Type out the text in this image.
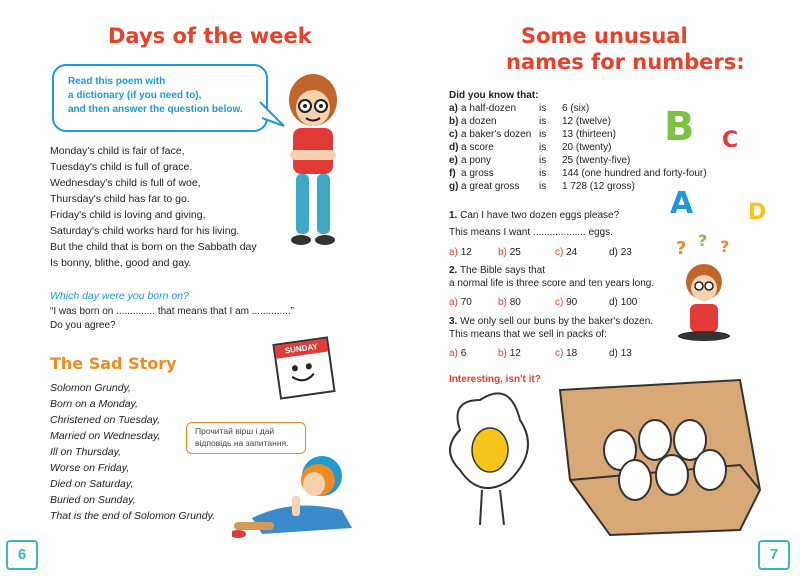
Days of the week
Read this poem with
a dictionary (if you need to),
and then answer the question below.
Monday's child is fair of face,
Tuesday's child is full of grace.
Wednesday's child is full of woe,
Thursday's child has far to go.
Friday's child is loving and giving,
Saturday's child works hard for his living.
But the child that is born on the Sabbath day
Is bonny, blithe, good and gay.
Which day were you born on?
“I was born on .............. that means that I am ..............”
Do you agree?
The Sad Story
Solomon Grundy,
Born on a Monday,
Christened on Tuesday,
Married on Wednesday,
Ill on Thursday,
Worse on Friday,
Died on Saturday,
Buried on Sunday,
That is the end of Solomon Grundy.
SUNDAY
Прочитай вірш і дай
відповідь на запитання.
6
Some unusual
names for numbers:
Did you know that:
a) a half-dozen is 6 (six)
b) a dozen	is 12 (twelve)
c) a baker's dozen is 13 (thirteen)
d) a score	is 20 (twenty)
e) a pony	is 25 (twenty-five)
f) a gross	is 144 (one hundred and forty-four)
g) a great gross is 1 728 (12 gross)
B C
A D
1. Can I have two dozen eggs please?
This means I want ................... eggs.
a) 12	b) 25	c) 24	d) 23
2. The Bible says that
a normal life is three score and ten years long.
a) 70	b) 80	c) 90	d) 100
3. We only sell our buns by the baker's dozen.
This means that we sell in packs of:
a) 6	b) 12	c) 18	d) 13
Interesting, isn't it?
? ? ?
7
